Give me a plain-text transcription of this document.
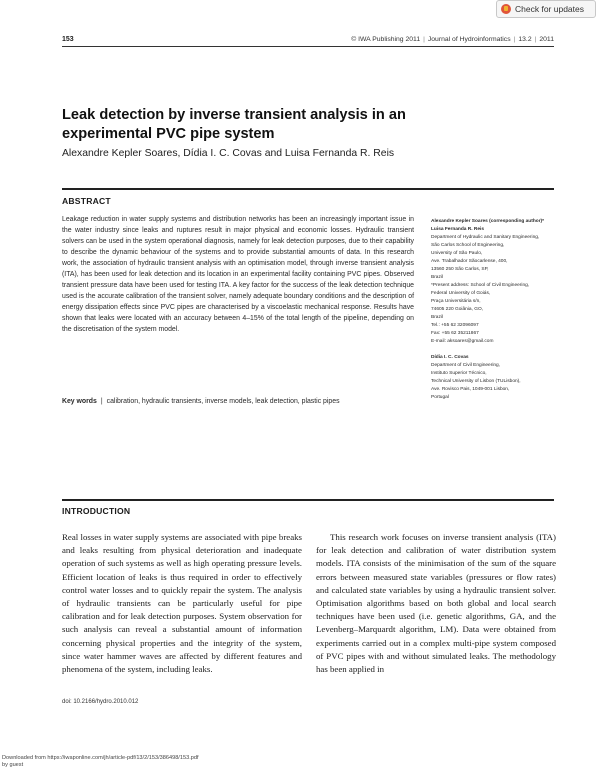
Check for updates
153	© IWA Publishing 2011 | Journal of Hydroinformatics | 13.2 | 2011
Leak detection by inverse transient analysis in an experimental PVC pipe system
Alexandre Kepler Soares, Dídia I. C. Covas and Luisa Fernanda R. Reis
ABSTRACT
Leakage reduction in water supply systems and distribution networks has been an increasingly important issue in the water industry since leaks and ruptures result in major physical and economic losses. Hydraulic transient solvers can be used in the system operational diagnosis, namely for leak detection purposes, due to their capability to describe the dynamic behaviour of the systems and to provide substantial amounts of data. In this research work, the association of hydraulic transient analysis with an optimisation model, through inverse transient analysis (ITA), has been used for leak detection and its location in an experimental facility containing PVC pipes. Observed transient pressure data have been used for testing ITA. A key factor for the success of the leak detection technique used is the accurate calibration of the transient solver, namely adequate boundary conditions and the description of energy dissipation effects since PVC pipes are characterised by a viscoelastic mechanical response. Results have shown that leaks were located with an accuracy between 4–15% of the total length of the pipeline, depending on the discretisation of the system model.
Key words | calibration, hydraulic transients, inverse models, leak detection, plastic pipes

Alexandre Kepler Soares (corresponding author)*

Luisa Fernanda R. Reis

Department of Hydraulic and Sanitary Engineering,

São Carlos School of Engineering,

University of São Paulo,

Ave. Trabalhador Sãocarlense, 400,

13560 250 São Carlos, SP,

Brazil

*Present address: School of Civil Engineering,

Federal University of Goiás,

Praça Universitária s/n,

74605 220 Goiânia, GO,

Brazil

Tel.: +55 62 32096097

Fax: +55 62 35211867

E-mail: aksoares@gmail.com

Dídia I. C. Covas

Department of Civil Engineering,

Instituto Superior Técnico,

Technical University of Lisbon (TULisbon),

Ave. Rovisco Pais, 1049-001 Lisbon,

Portugal

INTRODUCTION

Real losses in water supply systems are associated with pipe breaks and leaks resulting from physical deterioration and inadequate operation of such systems as well as high operating pressure levels. Efficient location of leaks is thus required in order to effectively control water losses and to quickly repair the system. The analysis of hydraulic transients can be particularly useful for pipe calibration and for leak detection purposes. System observation for such analysis can reveal a substantial amount of information concerning physical properties and the integrity of the system, since water hammer waves are affected by different features and phenomena of the system, including leaks.

This research work focuses on inverse transient analysis (ITA) for leak detection and calibration of water distribution system models. ITA consists of the minimisation of the sum of the square errors between measured state variables (pressures or flow rates) and calculated state variables by using a hydraulic transient solver. Optimisation algorithms based on both global and local search techniques have been used (i.e. genetic algorithms, GA, and the Levenberg–Marquardt algorithm, LM). Data were obtained from experiments carried out in a complex multi-pipe system composed of PVC pipes with and without simulated leaks. The methodology has been applied in

doi: 10.2166/hydro.2010.012
Downloaded from https://iwaponline.com/jh/article-pdf/13/2/153/386498/153.pdf
by guest
